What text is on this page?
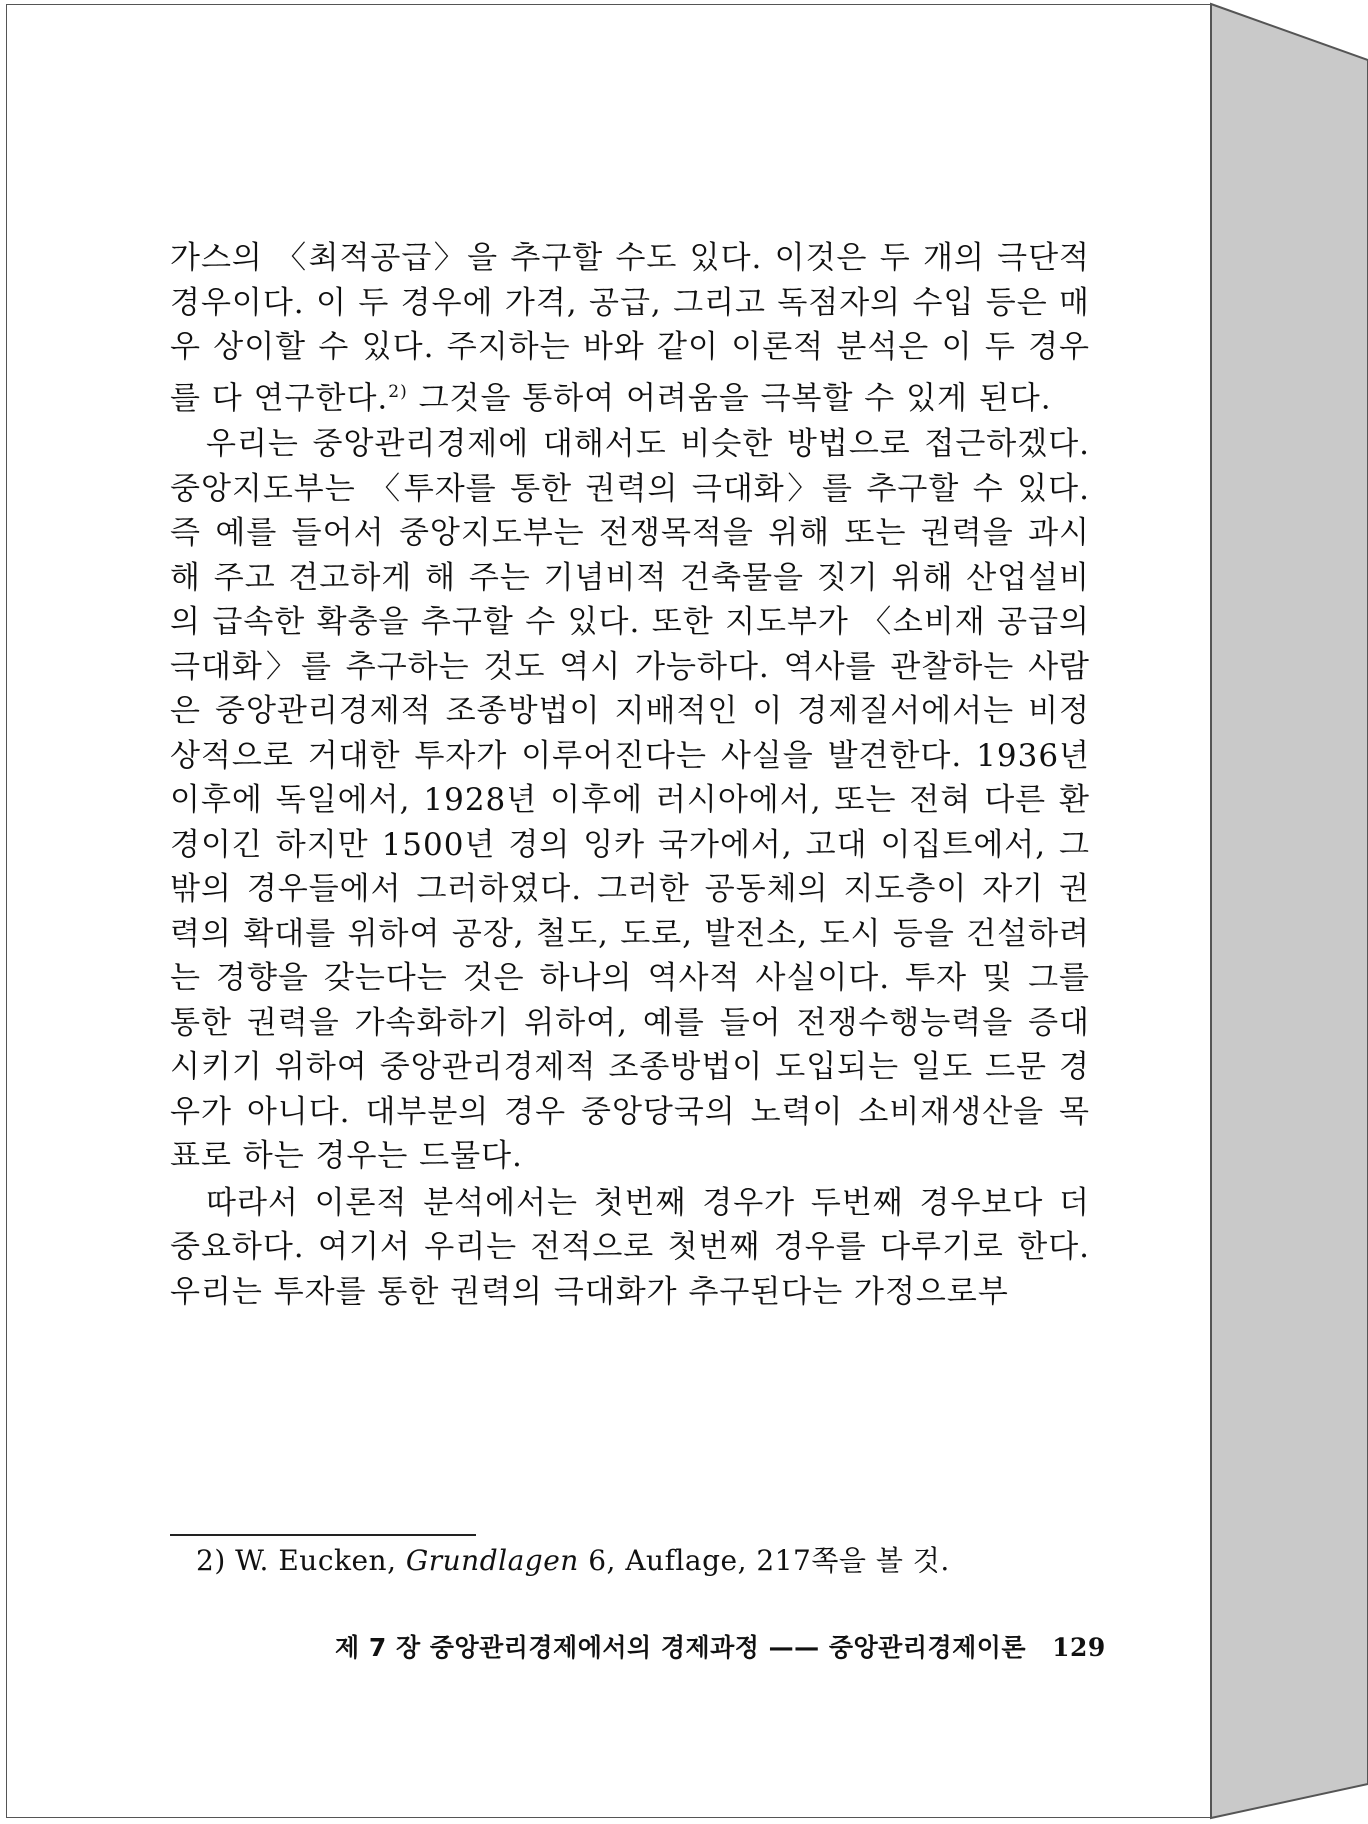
가스의 〈최적공급〉을 추구할 수도 있다. 이것은 두 개의 극단적 경우이다. 이 두 경우에 가격, 공급, 그리고 독점자의 수입 등은 매우 상이할 수 있다. 주지하는 바와 같이 이론적 분석은 이 두 경우를 다 연구한다.$^{2)}$ 그것을 통하여 어려움을 극복할 수 있게 된다.

우리는 중앙관리경제에 대해서도 비슷한 방법으로 접근하겠다. 중앙지도부는 〈투자를 통한 권력의 극대화〉를 추구할 수 있다. 즉 예를 들어서 중앙지도부는 전쟁목적을 위해 또는 권력을 과시해 주고 견고하게 해 주는 기념비적 건축물을 짓기 위해 산업설비의 급속한 확충을 추구할 수 있다. 또한 지도부가 〈소비재 공급의 극대화〉를 추구하는 것도 역시 가능하다. 역사를 관찰하는 사람은 중앙관리경제적 조종방법이 지배적인 이 경제질서에서는 비정상적으로 거대한 투자가 이루어진다는 사실을 발견한다. 1936년 이후에 독일에서, 1928년 이후에 러시아에서, 또는 전혀 다른 환경이긴 하지만 1500년 경의 잉카 국가에서, 고대 이집트에서, 그밖의 경우들에서 그러하였다. 그러한 공동체의 지도층이 자기 권력의 확대를 위하여 공장, 철도, 도로, 발전소, 도시 등을 건설하려는 경향을 갖는다는 것은 하나의 역사적 사실이다. 투자 및 그를 통한 권력을 가속화하기 위하여, 예를 들어 전쟁수행능력을 증대시키기 위하여 중앙관리경제적 조종방법이 도입되는 일도 드문 경우가 아니다. 대부분의 경우 중앙당국의 노력이 소비재생산을 목표로 하는 경우는 드물다.

따라서 이론적 분석에서는 첫번째 경우가 두번째 경우보다 더 중요하다. 여기서 우리는 전적으로 첫번째 경우를 다루기로 한다. 우리는 투자를 통한 권력의 극대화가 추구된다는 가정으로부

2) W. Eucken, Grundlagen 6, Auflage, 217쪽을 볼 것.
제 7 장 중앙관리경제에서의 경제과정 —— 중앙관리경제이론 129
